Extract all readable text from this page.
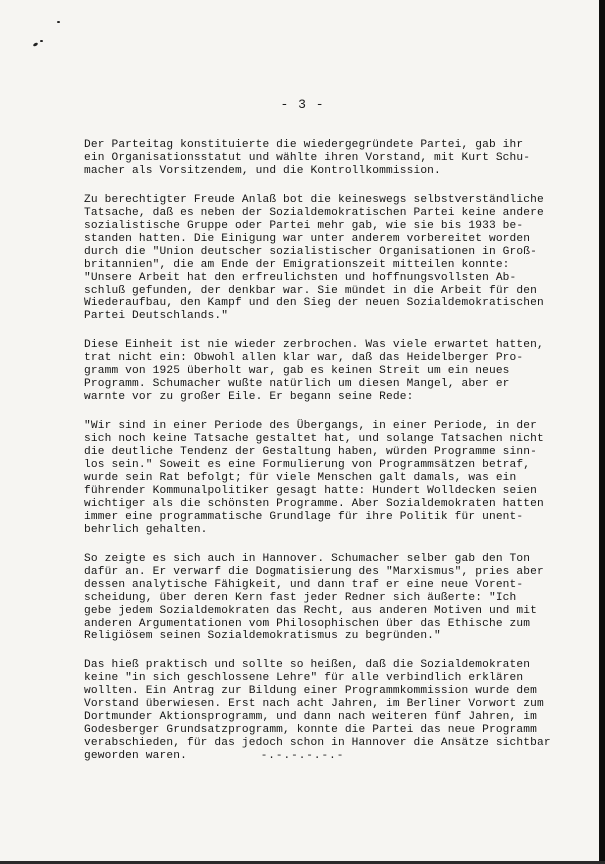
- 3 -
Der Parteitag konstituierte die wiedergegründete Partei, gab ihr
ein Organisationsstatut und wählte ihren Vorstand, mit Kurt Schu-
macher als Vorsitzendem, und die Kontrollkommission.
Zu berechtigter Freude Anlaß bot die keineswegs selbstverständliche
Tatsache, daß es neben der Sozialdemokratischen Partei keine andere
sozialistische Gruppe oder Partei mehr gab, wie sie bis 1933 be-
standen hatten. Die Einigung war unter anderem vorbereitet worden
durch die "Union deutscher sozialistischer Organisationen in Groß-
britannien", die am Ende der Emigrationszeit mitteilen konnte:
"Unsere Arbeit hat den erfreulichsten und hoffnungsvollsten Ab-
schluß gefunden, der denkbar war. Sie mündet in die Arbeit für den
Wiederaufbau, den Kampf und den Sieg der neuen Sozialdemokratischen
Partei Deutschlands."
Diese Einheit ist nie wieder zerbrochen. Was viele erwartet hatten,
trat nicht ein: Obwohl allen klar war, daß das Heidelberger Pro-
gramm von 1925 überholt war, gab es keinen Streit um ein neues
Programm. Schumacher wußte natürlich um diesen Mangel, aber er
warnte vor zu großer Eile. Er begann seine Rede:
"Wir sind in einer Periode des Übergangs, in einer Periode, in der
sich noch keine Tatsache gestaltet hat, und solange Tatsachen nicht
die deutliche Tendenz der Gestaltung haben, würden Programme sinn-
los sein." Soweit es eine Formulierung von Programmsätzen betraf,
wurde sein Rat befolgt; für viele Menschen galt damals, was ein
führender Kommunalpolitiker gesagt hatte: Hundert Wolldecken seien
wichtiger als die schönsten Programme. Aber Sozialdemokraten hatten
immer eine programmatische Grundlage für ihre Politik für unent-
behrlich gehalten.
So zeigte es sich auch in Hannover. Schumacher selber gab den Ton
dafür an. Er verwarf die Dogmatisierung des "Marxismus", pries aber
dessen analytische Fähigkeit, und dann traf er eine neue Vorent-
scheidung, über deren Kern fast jeder Redner sich äußerte: "Ich
gebe jedem Sozialdemokraten das Recht, aus anderen Motiven und mit
anderen Argumentationen vom Philosophischen über das Ethische zum
Religiösem seinen Sozialdemokratismus zu begründen."
Das hieß praktisch und sollte so heißen, daß die Sozialdemokraten
keine "in sich geschlossene Lehre" für alle verbindlich erklären
wollten. Ein Antrag zur Bildung einer Programmkommission wurde dem
Vorstand überwiesen. Erst nach acht Jahren, im Berliner Vorwort zum
Dortmunder Aktionsprogramm, und dann nach weiteren fünf Jahren, im
Godesberger Grundsatzprogramm, konnte die Partei das neue Programm
verabschieden, für das jedoch schon in Hannover die Ansätze sichtbar
geworden waren.	-.-.-.-.-.-
